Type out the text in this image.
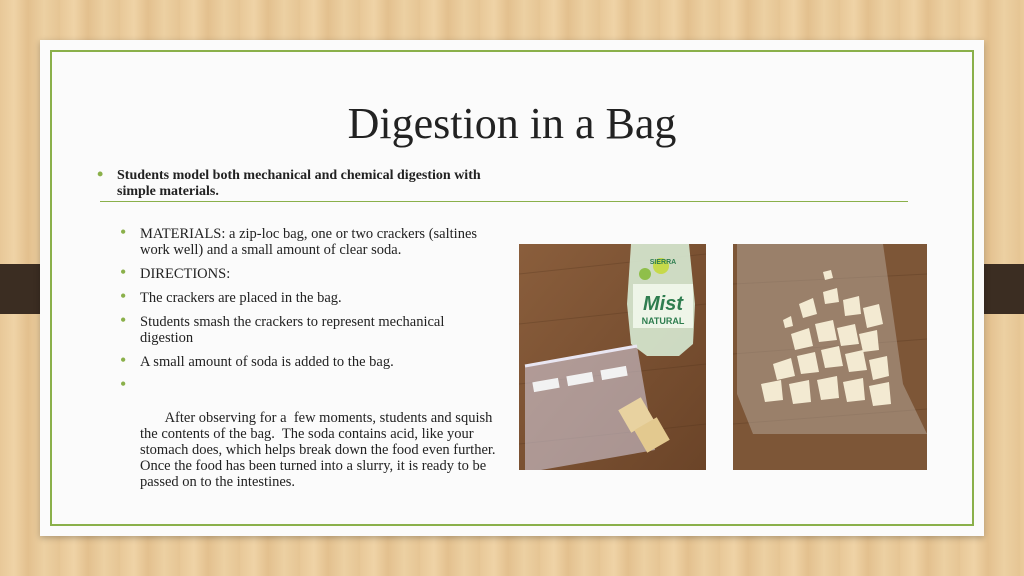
Digestion in a Bag
• Students model both mechanical and chemical digestion with simple materials.
• MATERIALS: a zip-loc bag, one or two crackers (saltines work well) and a small amount of clear soda.
• DIRECTIONS:
• The crackers are placed in the bag.
• Students smash the crackers to represent mechanical digestion
• A small amount of soda is added to the bag.

•

After observing for a  few moments, students and squish the contents of the bag.  The soda contains acid, like your stomach does, which helps break down the food even further.  Once the food has been turned into a slurry, it is ready to be passed on to the intestines.

SIERRA
Mist
NATURAL
